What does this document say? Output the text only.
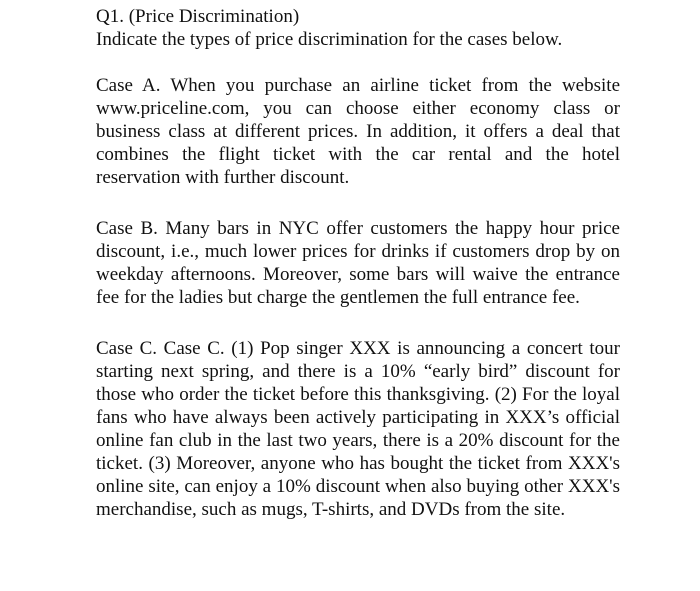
Q1. (Price Discrimination)

Indicate the types of price discrimination for the cases below.

Case A. When you purchase an airline ticket from the website www.priceline.com, you can choose either economy class or business class at different prices. In addition, it offers a deal that combines the flight ticket with the car rental and the hotel reservation with further discount.

Case B. Many bars in NYC offer customers the happy hour price discount, i.e., much lower prices for drinks if customers drop by on weekday afternoons. Moreover, some bars will waive the entrance fee for the ladies but charge the gentlemen the full entrance fee.

Case C. Case C. (1) Pop singer XXX is announcing a concert tour starting next spring, and there is a 10% “early bird” discount for those who order the ticket before this thanksgiving. (2) For the loyal fans who have always been actively participating in XXX’s official online fan club in the last two years, there is a 20% discount for the ticket. (3) Moreover, anyone who has bought the ticket from XXX's online site, can enjoy a 10% discount when also buying other XXX's merchandise, such as mugs, T-shirts, and DVDs from the site.
